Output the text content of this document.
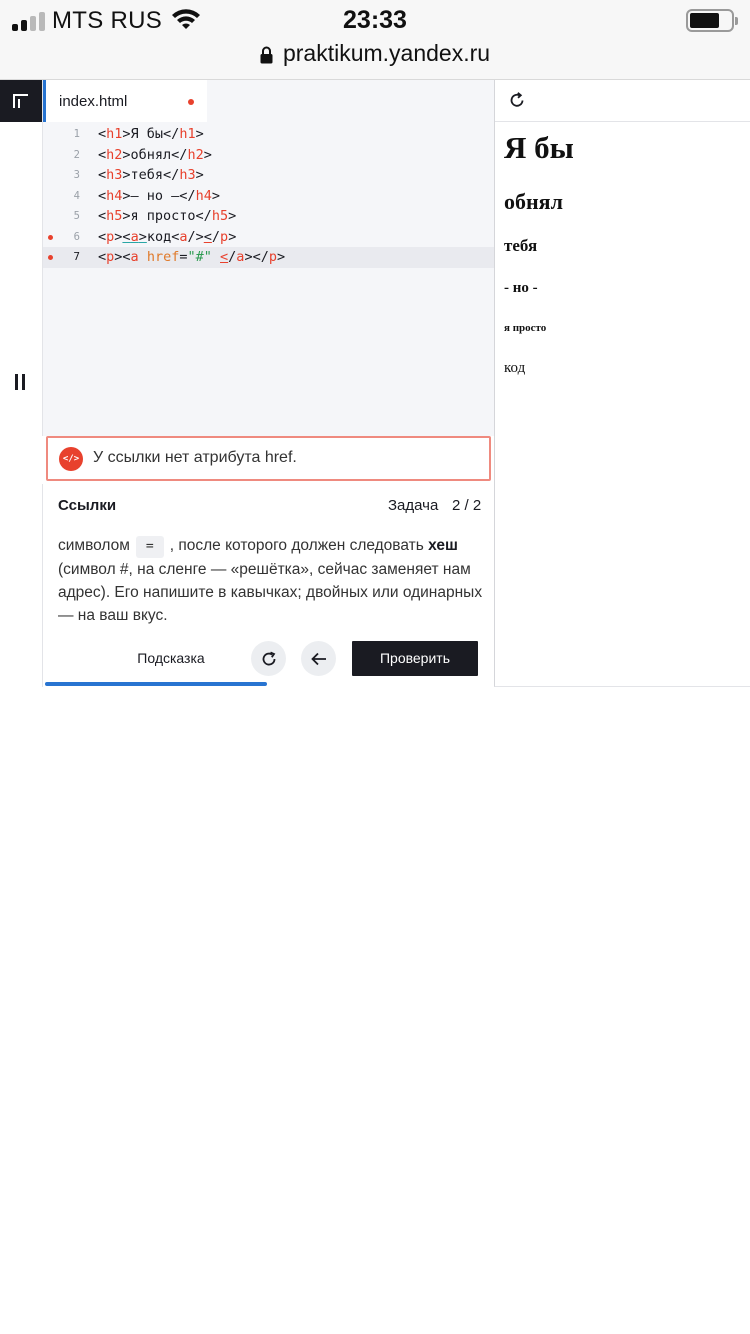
MTS RUS	23:33
praktikum.yandex.ru
index.html
1 <h1>Я бы</h1>
2 <h2>обнял</h2>
3 <h3>тебя</h3>
4 <h4>– но –</h4>
5 <h5>я просто</h5>
6 <p><a>код<a/></p>
7 <p><a href="#" </a></p>
</> У ссылки нет атрибута href.
Ссылки	Задача 2 / 2
символом = , после которого должен следовать хеш (символ #, на сленге — «решётка», сейчас заменяет нам адрес). Его напишите в кавычках; двойных или одинарных — на ваш вкус.
Подсказка	Проверить
Я бы
обнял
тебя
- но -
я просто
код
